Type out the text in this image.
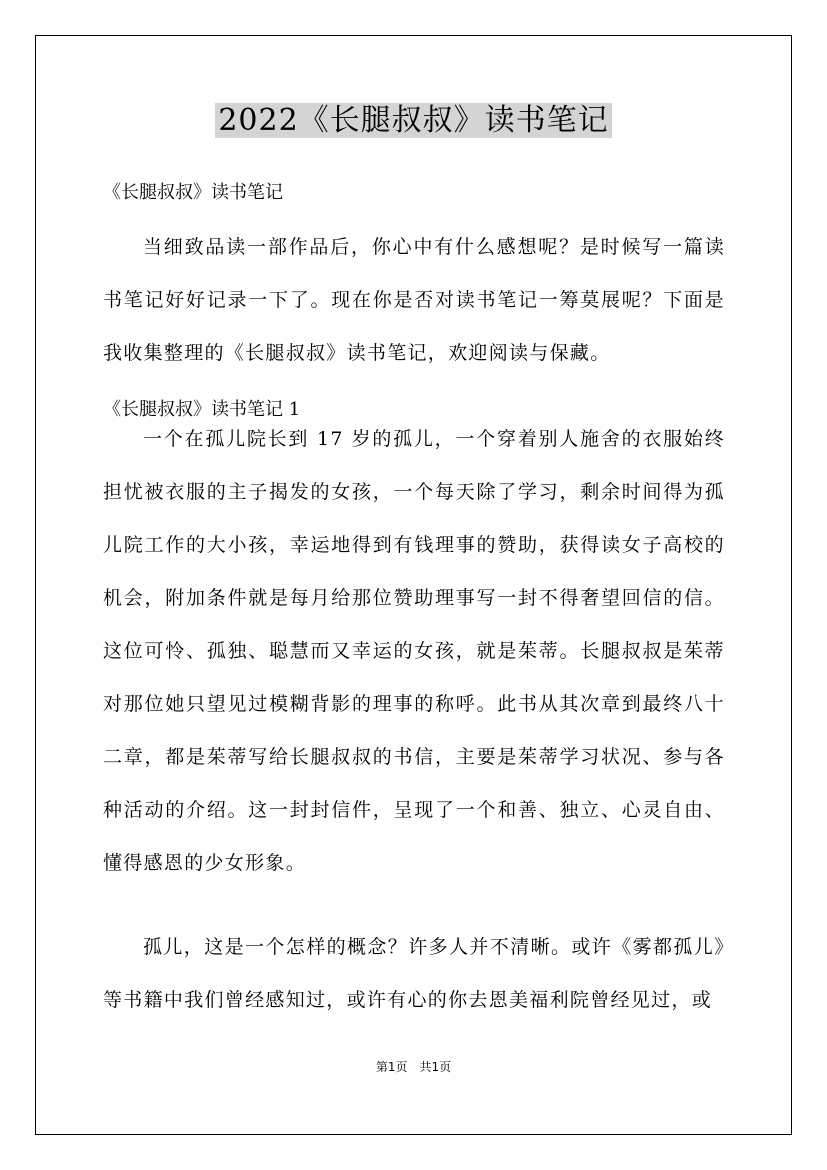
2022《长腿叔叔》读书笔记

《长腿叔叔》读书笔记

当细致品读一部作品后，你心中有什么感想呢？是时候写一篇读书笔记好好记录一下了。现在你是否对读书笔记一筹莫展呢？下面是我收集整理的《长腿叔叔》读书笔记，欢迎阅读与保藏。

《长腿叔叔》读书笔记 1

一个在孤儿院长到 17 岁的孤儿，一个穿着别人施舍的衣服始终担忧被衣服的主子揭发的女孩，一个每天除了学习，剩余时间得为孤儿院工作的大小孩，幸运地得到有钱理事的赞助，获得读女子高校的机会，附加条件就是每月给那位赞助理事写一封不得奢望回信的信。这位可怜、孤独、聪慧而又幸运的女孩，就是茱蒂。长腿叔叔是茱蒂对那位她只望见过模糊背影的理事的称呼。此书从其次章到最终八十二章，都是茱蒂写给长腿叔叔的书信，主要是茱蒂学习状况、参与各种活动的介绍。这一封封信件，呈现了一个和善、独立、心灵自由、懂得感恩的少女形象。

孤儿，这是一个怎样的概念？许多人并不清晰。或许《雾都孤儿》等书籍中我们曾经感知过，或许有心的你去恩美福利院曾经见过，或

第1页　共1页
